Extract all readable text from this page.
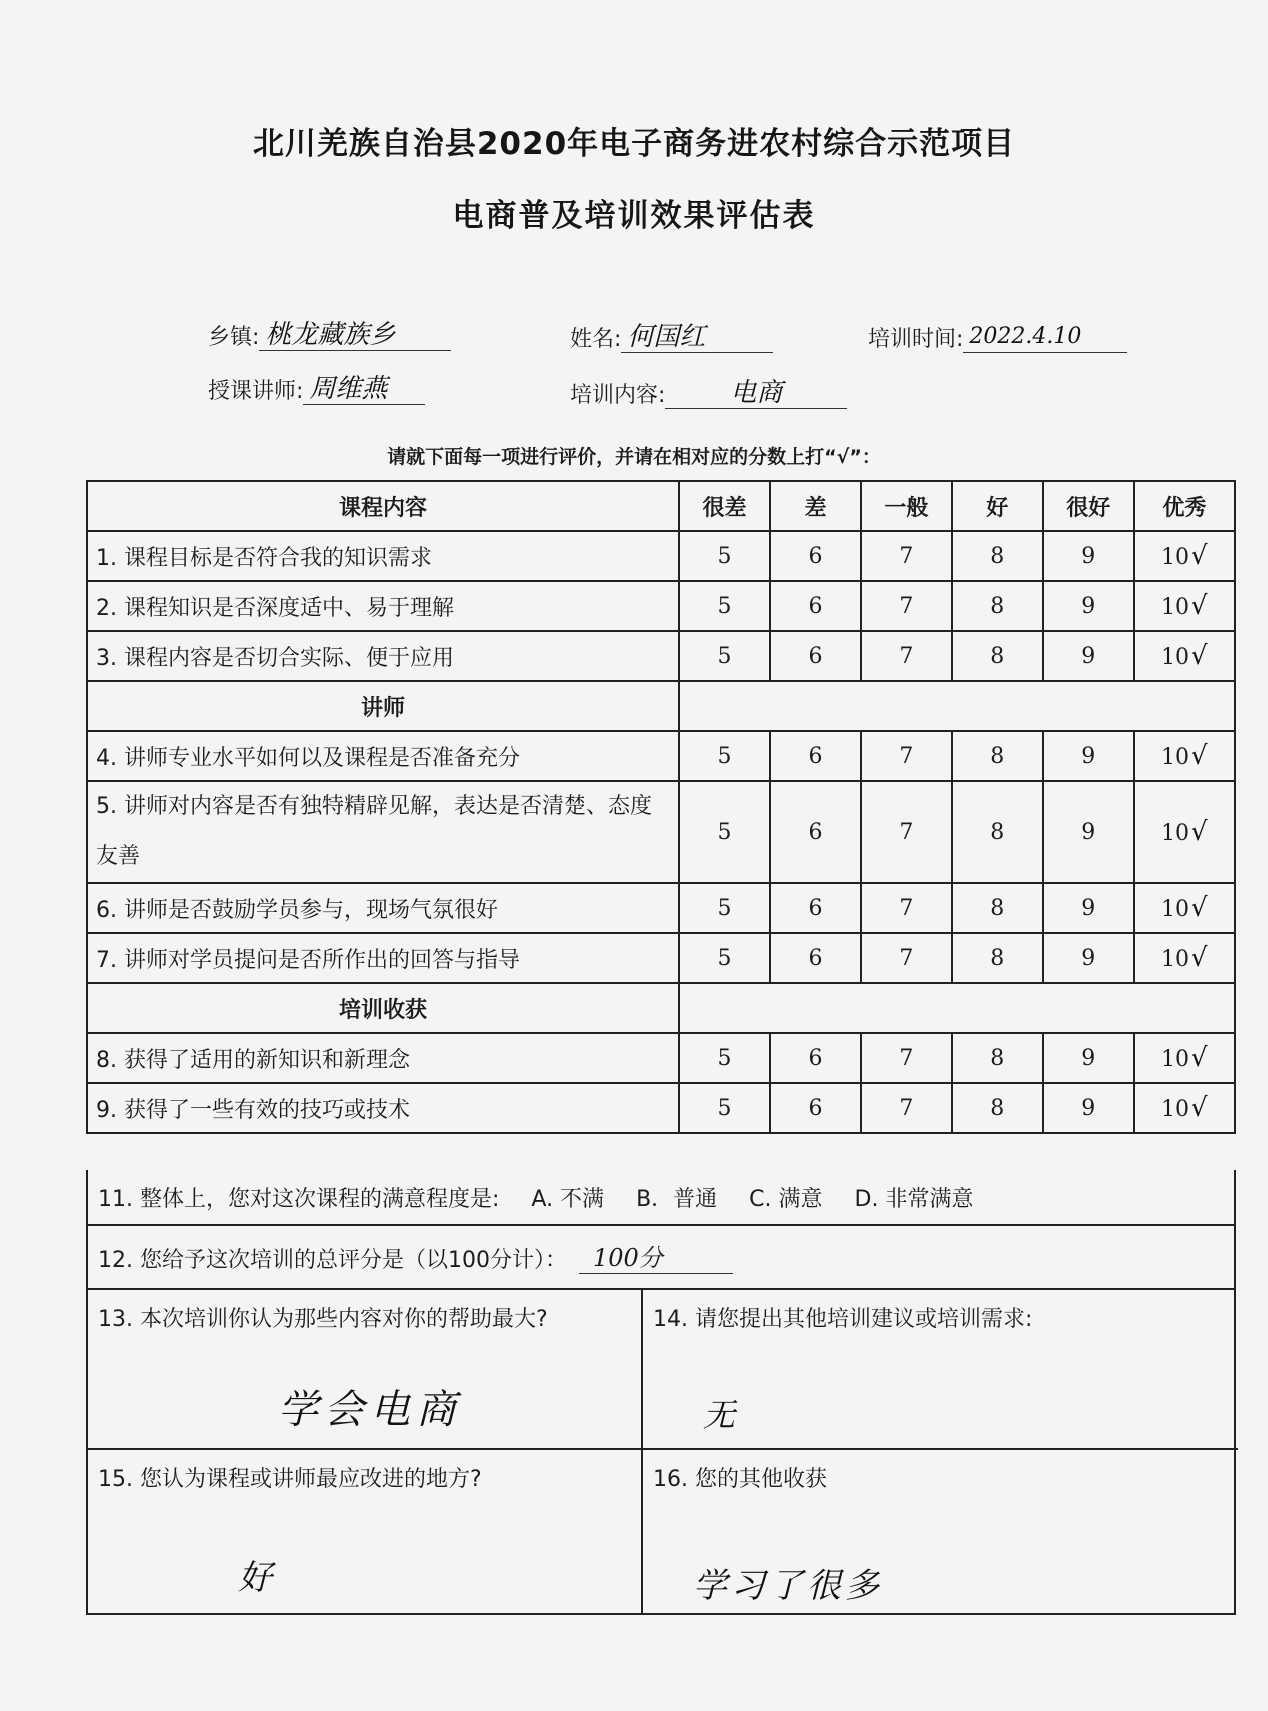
北川羌族自治县2020年电子商务进农村综合示范项目
电商普及培训效果评估表
乡镇: 桃龙藏族乡	姓名: 何国红	培训时间: 2022.4.10
授课讲师: 周维燕	培训内容:	电商
请就下面每一项进行评价，并请在相对应的分数上打“√”：
课程内容	很差	差	一般	好	很好	优秀
1. 课程目标是否符合我的知识需求	5	6	7	8	9	10√
2. 课程知识是否深度适中、易于理解	5	6	7	8	9	10√
3. 课程内容是否切合实际、便于应用	5	6	7	8	9	10√
讲师						
4. 讲师专业水平如何以及课程是否准备充分	5	6	7	8	9	10√
5. 讲师对内容是否有独特精辟见解，表达是否清楚、态度友善	5	6	7	8	9	10√
6. 讲师是否鼓励学员参与，现场气氛很好	5	6	7	8	9	10√
7. 讲师对学员提问是否所作出的回答与指导	5	6	7	8	9	10√
培训收获						
8. 获得了适用的新知识和新理念	5	6	7	8	9	10√
9. 获得了一些有效的技巧或技术	5	6	7	8	9	10√
11. 整体上，您对这次课程的满意程度是: A. 不满 B．普通 C. 满意 D. 非常满意
12. 您给予这次培训的总评分是（以100分计）：	100分
13. 本次培训你认为那些内容对你的帮助最大?
学会电商
14. 请您提出其他培训建议或培训需求:
无
15. 您认为课程或讲师最应改进的地方?
好
16. 您的其他收获
学习了很多
